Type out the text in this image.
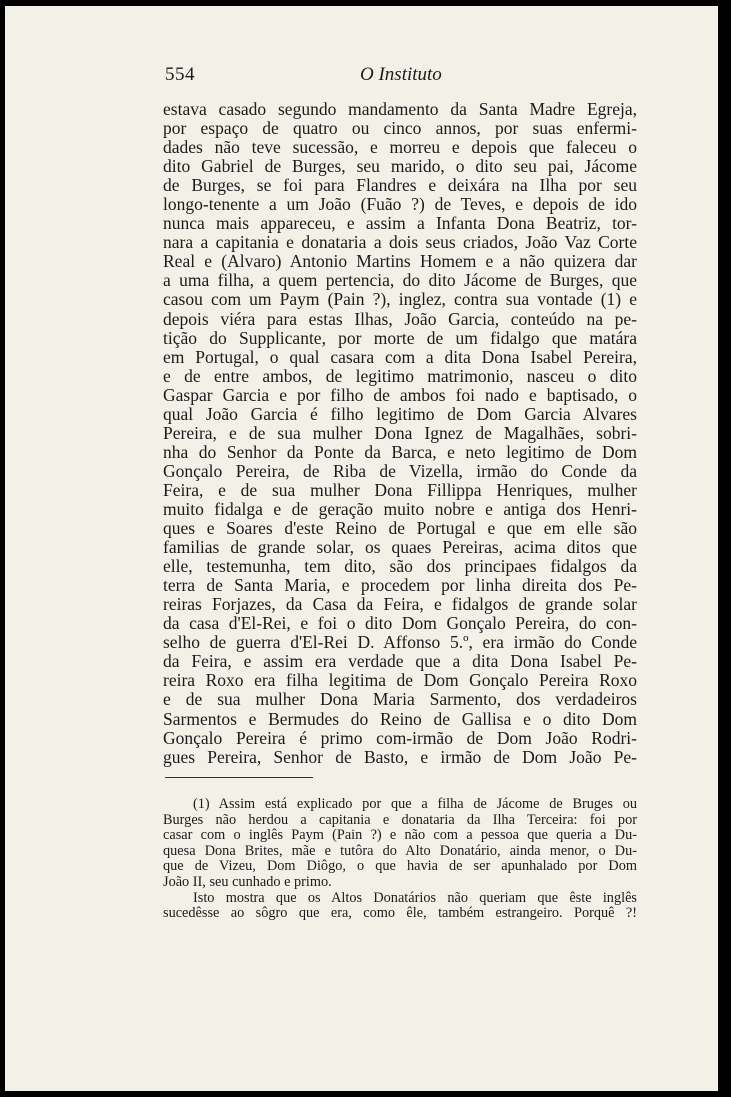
554	O Instituto
estava casado segundo mandamento da Santa Madre Egreja,
por espaço de quatro ou cinco annos, por suas enfermi-
dades não teve sucessão, e morreu e depois que faleceu o
dito Gabriel de Burges, seu marido, o dito seu pai, Jácome
de Burges, se foi para Flandres e deixára na Ilha por seu
longo-tenente a um João (Fuão ?) de Teves, e depois de ido
nunca mais appareceu, e assim a Infanta Dona Beatriz, tor-
nara a capitania e donataria a dois seus criados, João Vaz Corte
Real e (Alvaro) Antonio Martins Homem e a não quizera dar
a uma filha, a quem pertencia, do dito Jácome de Burges, que
casou com um Paym (Pain ?), inglez, contra sua vontade (1) e
depois viéra para estas Ilhas, João Garcia, conteúdo na pe-
tição do Supplicante, por morte de um fidalgo que matára
em Portugal, o qual casara com a dita Dona Isabel Pereira,
e de entre ambos, de legitimo matrimonio, nasceu o dito
Gaspar Garcia e por filho de ambos foi nado e baptisado, o
qual João Garcia é filho legitimo de Dom Garcia Alvares
Pereira, e de sua mulher Dona Ignez de Magalhães, sobri-
nha do Senhor da Ponte da Barca, e neto legitimo de Dom
Gonçalo Pereira, de Riba de Vizella, irmão do Conde da
Feira, e de sua mulher Dona Fillippa Henriques, mulher
muito fidalga e de geração muito nobre e antiga dos Henri-
ques e Soares d'este Reino de Portugal e que em elle são
familias de grande solar, os quaes Pereiras, acima ditos que
elle, testemunha, tem dito, são dos principaes fidalgos da
terra de Santa Maria, e procedem por linha direita dos Pe-
reiras Forjazes, da Casa da Feira, e fidalgos de grande solar
da casa d'El-Rei, e foi o dito Dom Gonçalo Pereira, do con-
selho de guerra d'El-Rei D. Affonso 5.º, era irmão do Conde
da Feira, e assim era verdade que a dita Dona Isabel Pe-
reira Roxo era filha legitima de Dom Gonçalo Pereira Roxo
e de sua mulher Dona Maria Sarmento, dos verdadeiros
Sarmentos e Bermudes do Reino de Gallisa e o dito Dom
Gonçalo Pereira é primo com-irmão de Dom João Rodri-
gues Pereira, Senhor de Basto, e irmão de Dom João Pe-
(1) Assim está explicado por que a filha de Jácome de Bruges ou
Burges não herdou a capitania e donataria da Ilha Terceira: foi por
casar com o inglês Paym (Pain ?) e não com a pessoa que queria a Du-
quesa Dona Brites, mãe e tutôra do Alto Donatário, ainda menor, o Du-
que de Vizeu, Dom Diôgo, o que havia de ser apunhalado por Dom
João II, seu cunhado e primo.
Isto mostra que os Altos Donatários não queriam que êste inglês
sucedêsse ao sôgro que era, como êle, também estrangeiro. Porquê ?!
